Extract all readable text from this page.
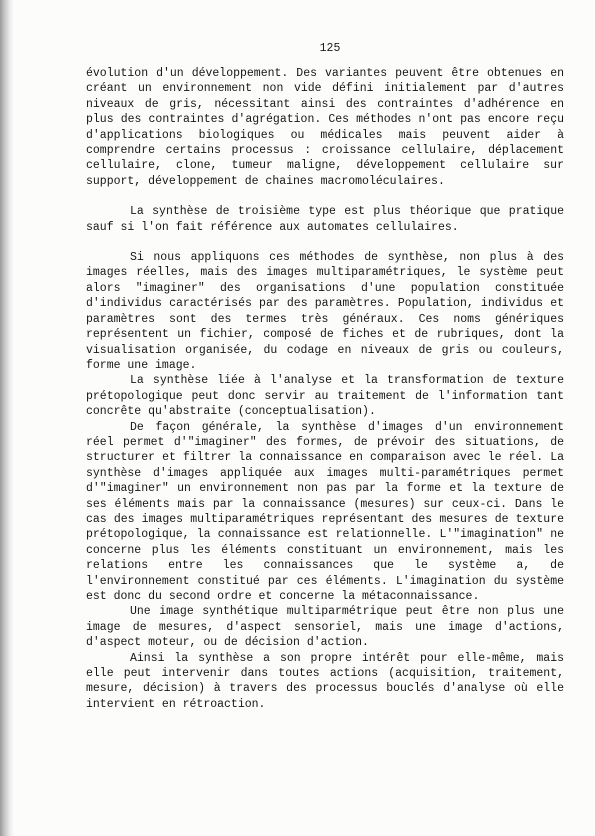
125

évolution d'un développement. Des variantes peuvent être obtenues en créant un environnement non vide défini initialement par d'autres niveaux de gris, nécessitant ainsi des contraintes d'adhérence en plus des contraintes d'agrégation. Ces méthodes n'ont pas encore reçu d'applications biologiques ou médicales mais peuvent aider à comprendre certains processus : croissance cellulaire, déplacement cellulaire, clone, tumeur maligne, développement cellulaire sur support, développement de chaines macromoléculaires.

La synthèse de troisième type est plus théorique que pratique sauf si l'on fait référence aux automates cellulaires.

Si nous appliquons ces méthodes de synthèse, non plus à des images réelles, mais des images multiparamétriques, le système peut alors "imaginer" des organisations d'une population constituée d'individus caractérisés par des paramètres. Population, individus et paramètres sont des termes très généraux. Ces noms génériques représentent un fichier, composé de fiches et de rubriques, dont la visualisation organisée, du codage en niveaux de gris ou couleurs, forme une image.

La synthèse liée à l'analyse et la transformation de texture prétopologique peut donc servir au traitement de l'information tant concrête qu'abstraite (conceptualisation).

De façon générale, la synthèse d'images d'un environnement réel permet d'"imaginer" des formes, de prévoir des situations, de structurer et filtrer la connaissance en comparaison avec le réel. La synthèse d'images appliquée aux images multi-paramétriques permet d'"imaginer" un environnement non pas par la forme et la texture de ses éléments mais par la connaissance (mesures) sur ceux-ci. Dans le cas des images multiparamétriques représentant des mesures de texture prétopologique, la connaissance est relationnelle. L'"imagination" ne concerne plus les éléments constituant un environnement, mais les relations entre les connaissances que le système a, de l'environnement constitué par ces éléments. L'imagination du système est donc du second ordre et concerne la métaconnaissance.

Une image synthétique multiparmétrique peut être non plus une image de mesures, d'aspect sensoriel, mais une image d'actions, d'aspect moteur, ou de décision d'action.

Ainsi la synthèse a son propre intérêt pour elle-même, mais elle peut intervenir dans toutes actions (acquisition, traitement, mesure, décision) à travers des processus bouclés d'analyse où elle intervient en rétroaction.
